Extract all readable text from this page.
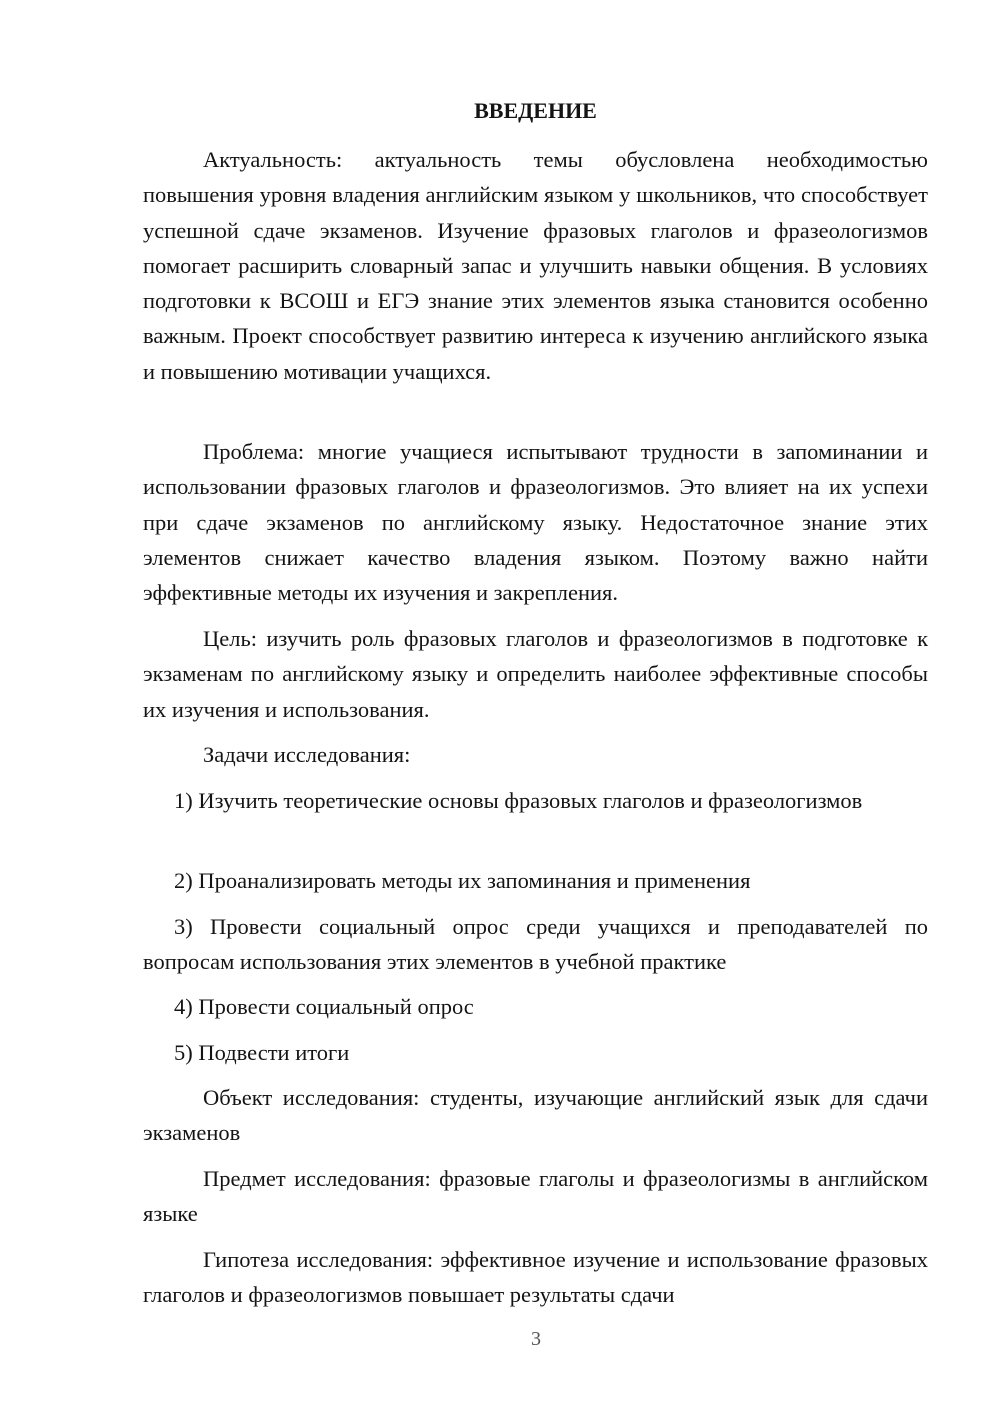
ВВЕДЕНИЕ

Актуальность: актуальность темы обусловлена необходимостью повышения уровня владения английским языком у школьников, что способствует успешной сдаче экзаменов. Изучение фразовых глаголов и фразеологизмов помогает расширить словарный запас и улучшить навыки общения. В условиях подготовки к ВСОШ и ЕГЭ знание этих элементов языка становится особенно важным. Проект способствует развитию интереса к изучению английского языка и повышению мотивации учащихся.

Проблема: многие учащиеся испытывают трудности в запоминании и использовании фразовых глаголов и фразеологизмов. Это влияет на их успехи при сдаче экзаменов по английскому языку. Недостаточное знание этих элементов снижает качество владения языком. Поэтому важно найти эффективные методы их изучения и закрепления.

Цель: изучить роль фразовых глаголов и фразеологизмов в подготовке к экзаменам по английскому языку и определить наиболее эффективные способы их изучения и использования.

Задачи исследования:

1) Изучить теоретические основы фразовых глаголов и фразеологизмов

2) Проанализировать методы их запоминания и применения

3) Провести социальный опрос среди учащихся и преподавателей по вопросам использования этих элементов в учебной практике

4) Провести социальный опрос

5) Подвести итоги

Объект исследования: студенты, изучающие английский язык для сдачи экзаменов

Предмет исследования: фразовые глаголы и фразеологизмы в английском языке

Гипотеза исследования: эффективное изучение и использование фразовых глаголов и фразеологизмов повышает результаты сдачи

3
